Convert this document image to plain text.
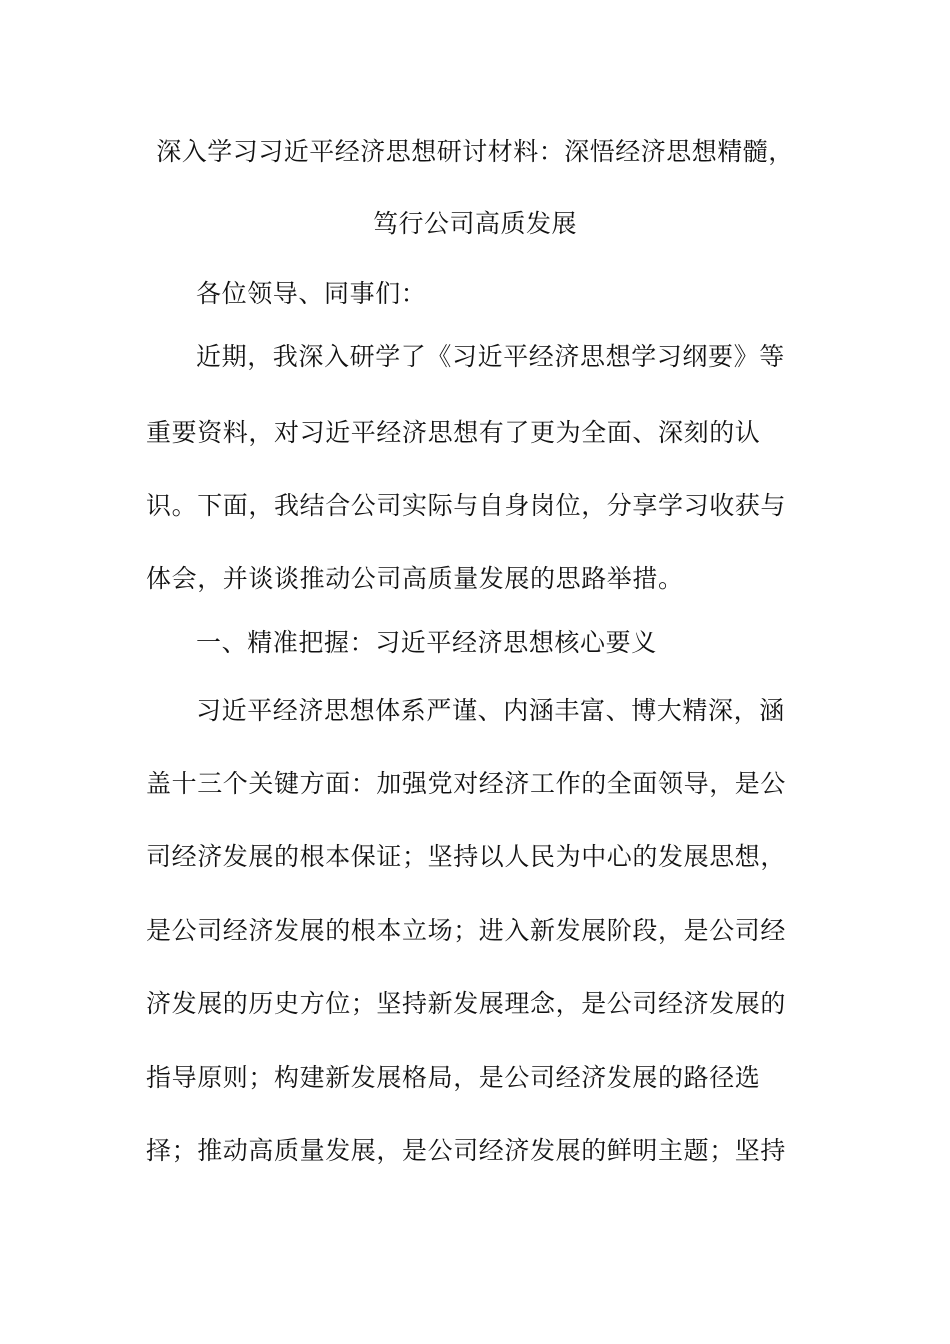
深入学习习近平经济思想研讨材料：深悟经济思想精髓，
笃行公司高质发展
各位领导、同事们：
近期，我深入研学了《习近平经济思想学习纲要》等
重要资料，对习近平经济思想有了更为全面、深刻的认
识。下面，我结合公司实际与自身岗位，分享学习收获与
体会，并谈谈推动公司高质量发展的思路举措。
一、精准把握：习近平经济思想核心要义
习近平经济思想体系严谨、内涵丰富、博大精深，涵
盖十三个关键方面：加强党对经济工作的全面领导，是公
司经济发展的根本保证；坚持以人民为中心的发展思想，
是公司经济发展的根本立场；进入新发展阶段，是公司经
济发展的历史方位；坚持新发展理念，是公司经济发展的
指导原则；构建新发展格局，是公司经济发展的路径选
择；推动高质量发展，是公司经济发展的鲜明主题；坚持
